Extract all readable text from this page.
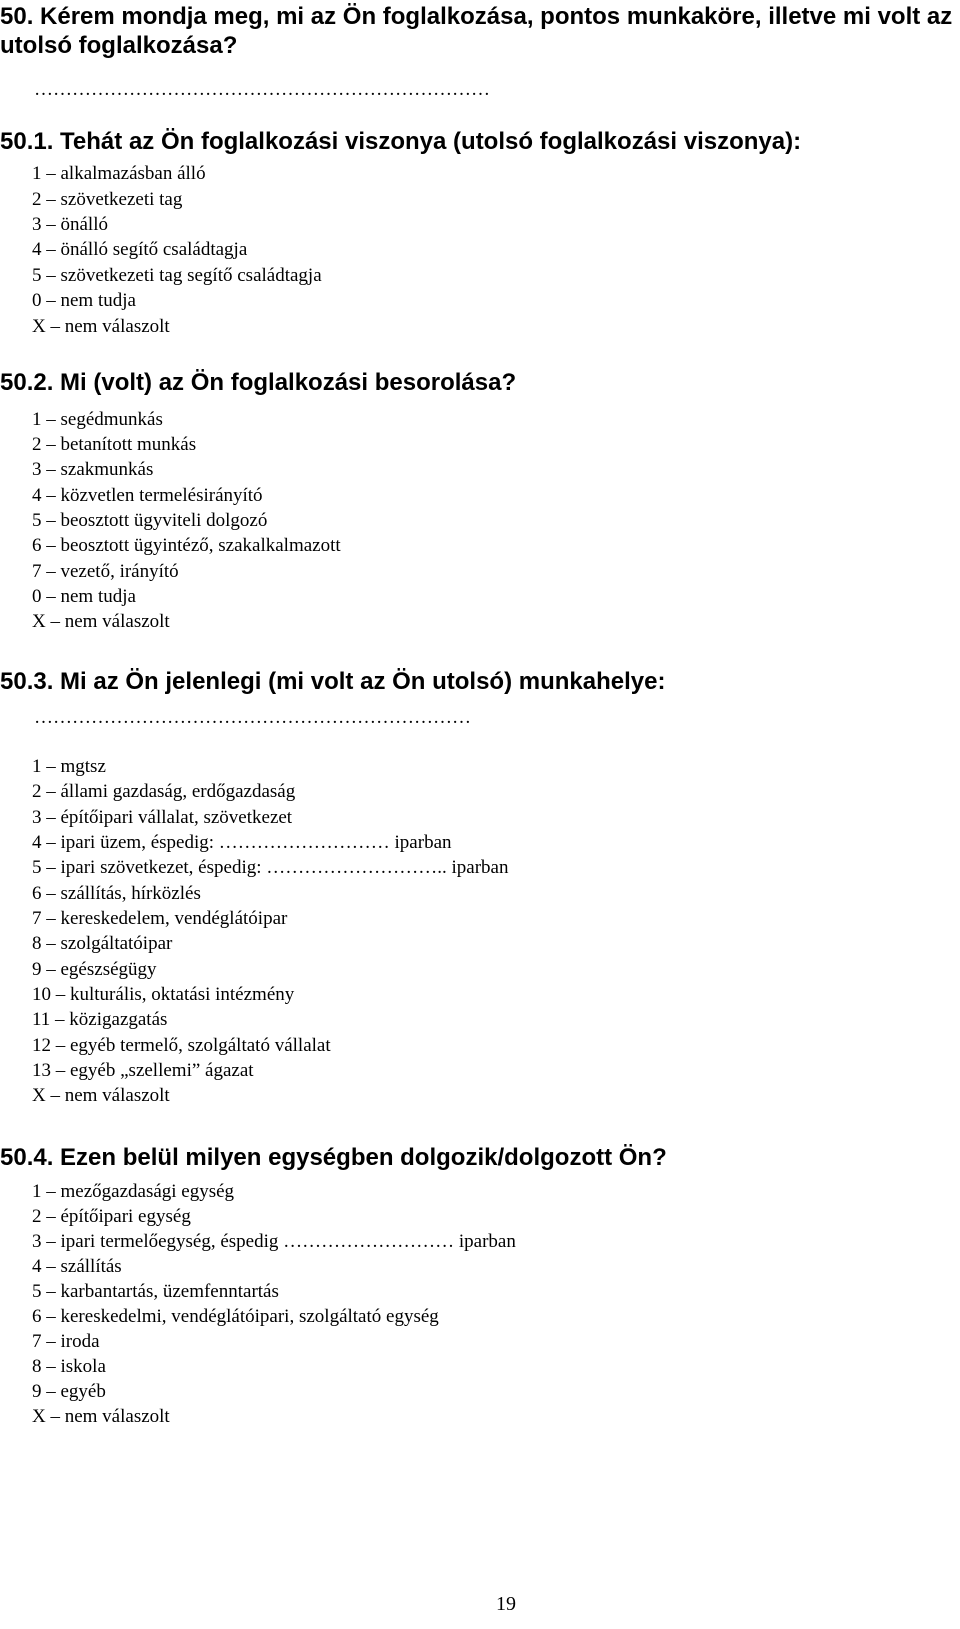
50. Kérem mondja meg, mi az Ön foglalkozása, pontos munkaköre, illetve mi volt az
utolsó foglalkozása?
………………………………………………………………
50.1. Tehát az Ön foglalkozási viszonya (utolsó foglalkozási viszonya):
1 – alkalmazásban álló
2 – szövetkezeti tag
3 – önálló
4 – önálló segítő családtagja
5 – szövetkezeti tag segítő családtagja
0 – nem tudja
X – nem válaszolt
50.2. Mi (volt) az Ön foglalkozási besorolása?
1 – segédmunkás
2 – betanított munkás
3 – szakmunkás
4 – közvetlen termelésirányító
5 – beosztott ügyviteli dolgozó
6 – beosztott ügyintéző, szakalkalmazott
7 – vezető, irányító
0 – nem tudja
X – nem válaszolt
50.3. Mi az Ön jelenlegi (mi volt az Ön utolsó) munkahelye:
……………………………………………………………
1 – mgtsz
2 – állami gazdaság, erdőgazdaság
3 – építőipari vállalat, szövetkezet
4 – ipari üzem, éspedig: ……………………… iparban
5 – ipari szövetkezet, éspedig: ……………………….. iparban
6 – szállítás, hírközlés
7 – kereskedelem, vendéglátóipar
8 – szolgáltatóipar
9 – egészségügy
10 – kulturális, oktatási intézmény
11 – közigazgatás
12 – egyéb termelő, szolgáltató vállalat
13 – egyéb „szellemi” ágazat
X – nem válaszolt
50.4. Ezen belül milyen egységben dolgozik/dolgozott Ön?
1 – mezőgazdasági egység
2 – építőipari egység
3 – ipari termelőegység, éspedig ……………………… iparban
4 – szállítás
5 – karbantartás, üzemfenntartás
6 – kereskedelmi, vendéglátóipari, szolgáltató egység
7 – iroda
8 – iskola
9 – egyéb
X – nem válaszolt
19
